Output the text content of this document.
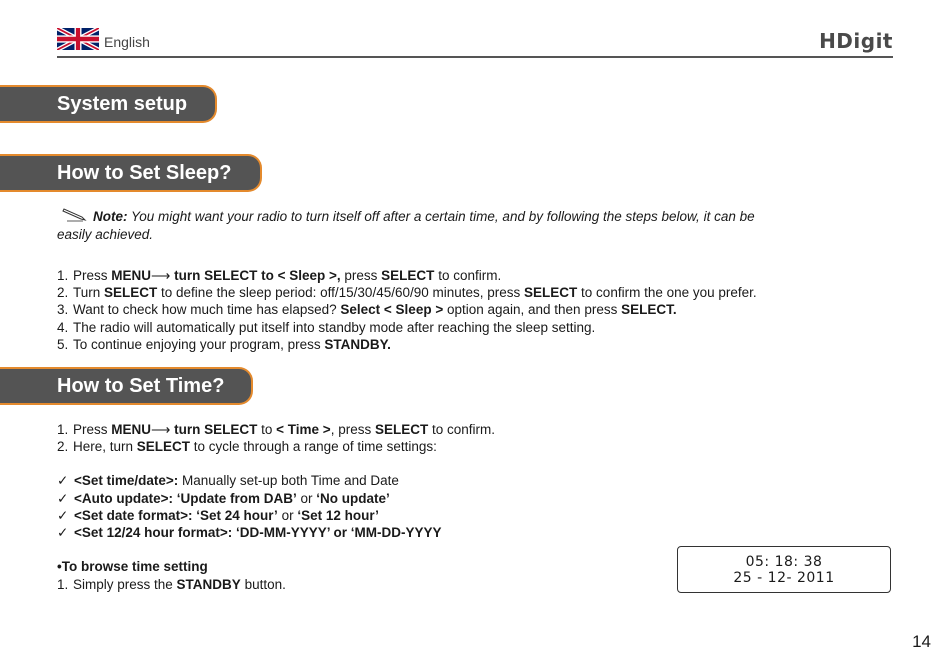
English	HDigit
System setup
How to Set Sleep?
Note: You might want your radio to turn itself off after a certain time, and by following the steps below, it can be easily achieved.
1. Press MENU⟶ turn SELECT to < Sleep >, press SELECT to confirm.
2. Turn SELECT to define the sleep period: off/15/30/45/60/90 minutes, press SELECT to confirm the one you prefer.
3. Want to check how much time has elapsed? Select < Sleep > option again, and then press SELECT.
4. The radio will automatically put itself into standby mode after reaching the sleep setting.
5. To continue enjoying your program, press STANDBY.
How to Set Time?
1. Press MENU⟶ turn SELECT to < Time >, press SELECT to confirm.
2. Here, turn SELECT to cycle through a range of time settings:
✓ <Set time/date>: Manually set-up both Time and Date
✓ <Auto update>: ‘Update from DAB’ or ‘No update’
✓ <Set date format>: ‘Set 24 hour’ or ‘Set 12 hour’
✓ <Set 12/24 hour format>: ‘DD-MM-YYYY’ or ‘MM-DD-YYYY
•To browse time setting
1. Simply press the STANDBY button.
05: 18: 38
25 - 12- 2011
14
